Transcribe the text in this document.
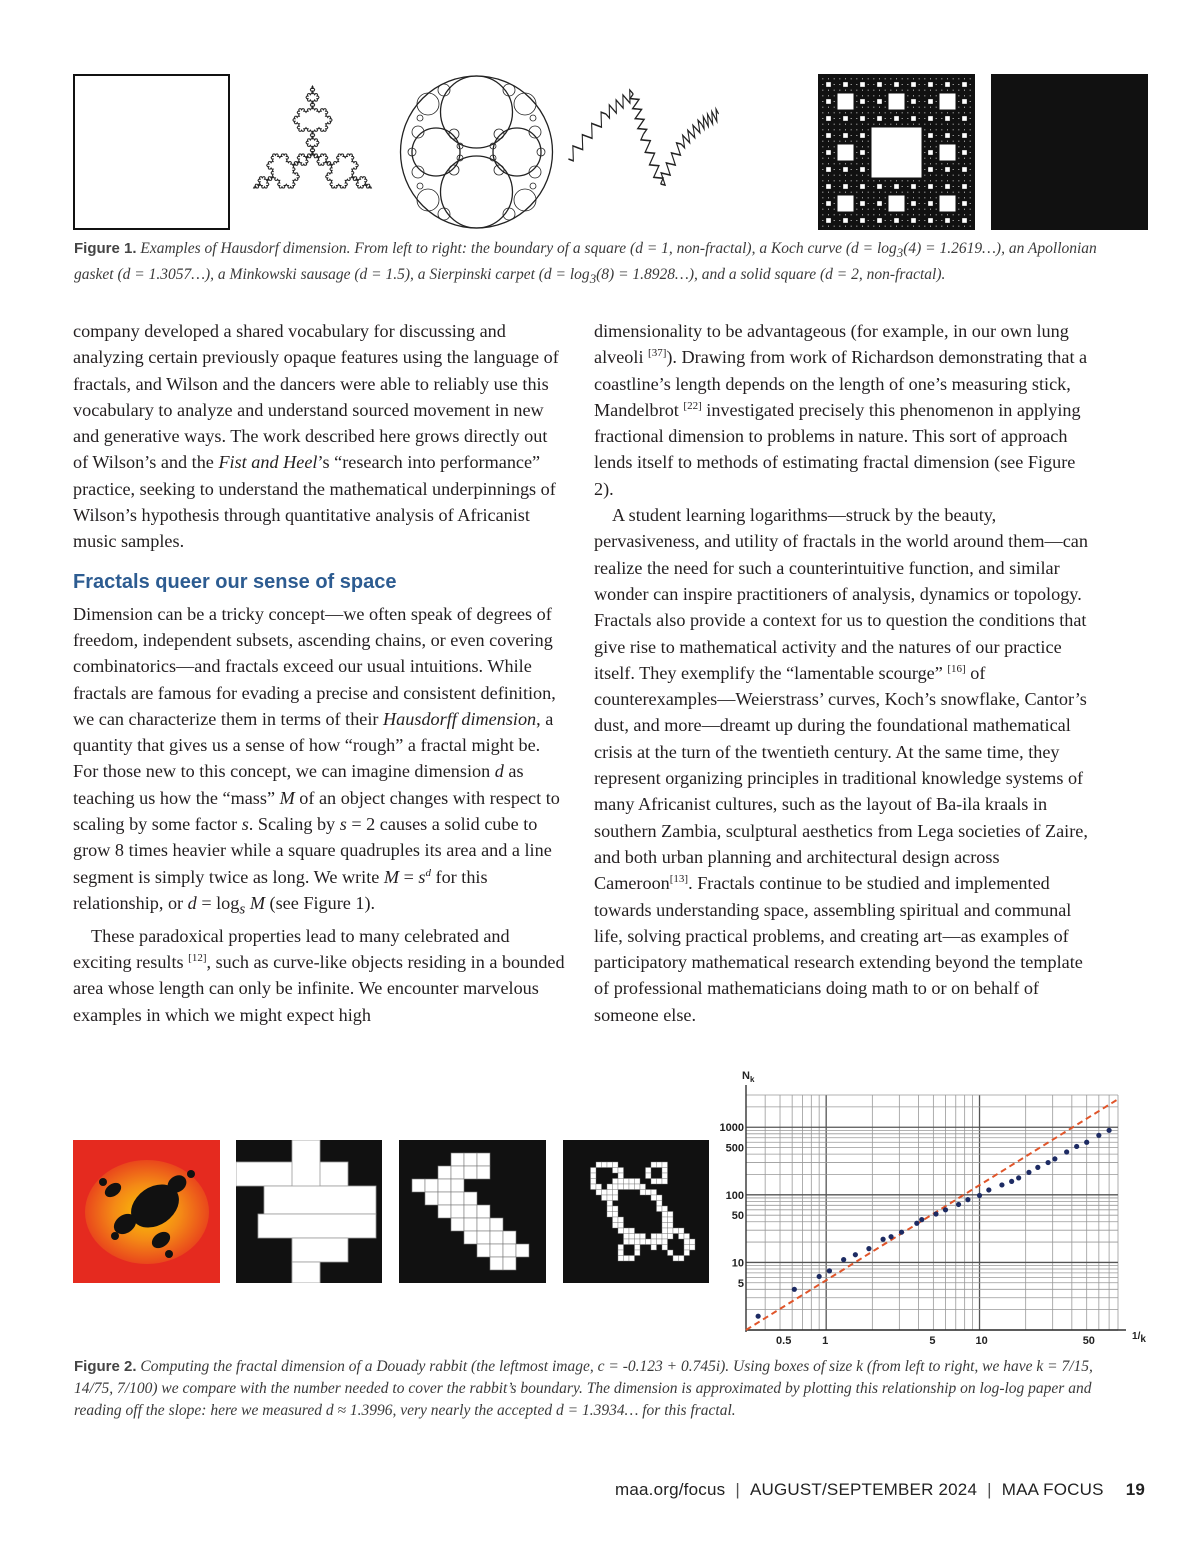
Figure 1. Examples of Hausdorf dimension. From left to right: the boundary of a square (d = 1, non-fractal), a Koch curve ($d = \log_3(4)$ = 1.2619…), an Apollonian gasket (d = 1.3057…), a Minkowski sausage (d = 1.5), a Sierpinski carpet ($d = \log_3(8)$ = 1.8928…), and a solid square (d = 2, non-fractal).

company developed a shared vocabulary for discussing and analyzing certain previously opaque features using the language of fractals, and Wilson and the dancers were able to reliably use this vocabulary to analyze and understand sourced movement in new and generative ways. The work described here grows directly out of Wilson’s and the Fist and Heel’s “research into performance” practice, seeking to understand the mathematical underpinnings of Wilson’s hypothesis through quantitative analysis of Africanist music samples.

Fractals queer our sense of space

Dimension can be a tricky concept—we often speak of degrees of freedom, independent subsets, ascending chains, or even covering combinatorics—and fractals exceed our usual intuitions. While fractals are famous for evading a precise and consistent definition, we can characterize them in terms of their Hausdorff dimension, a quantity that gives us a sense of how “rough” a fractal might be. For those new to this concept, we can imagine dimension d as teaching us how the “mass” M of an object changes with respect to scaling by some factor s. Scaling by s = 2 causes a solid cube to grow 8 times heavier while a square quadruples its area and a line segment is simply twice as long. We write $M = s^d$ for this relationship, or $d = \log_s M$ (see Figure 1).

These paradoxical properties lead to many celebrated and exciting results [12], such as curve-like objects residing in a bounded area whose length can only be infinite. We encounter marvelous examples in which we might expect high

dimensionality to be advantageous (for example, in our own lung alveoli [37]). Drawing from work of Richardson demonstrating that a coastline’s length depends on the length of one’s measuring stick, Mandelbrot [22] investigated precisely this phenomenon in applying fractional dimension to problems in nature. This sort of approach lends itself to methods of estimating fractal dimension (see Figure 2).

A student learning logarithms—struck by the beauty, pervasiveness, and utility of fractals in the world around them—can realize the need for such a counterintuitive function, and similar wonder can inspire practitioners of analysis, dynamics or topology. Fractals also provide a context for us to question the conditions that give rise to mathematical activity and the natures of our practice itself. They exemplify the “lamentable scourge” [16] of counterexamples—Weierstrass’ curves, Koch’s snowflake, Cantor’s dust, and more—dreamt up during the foundational mathematical crisis at the turn of the twentieth century. At the same time, they represent organizing principles in traditional knowledge systems of many Africanist cultures, such as the layout of Ba-ila kraals in southern Zambia, sculptural aesthetics from Lega societies of Zaire, and both urban planning and architectural design across Cameroon[13]. Fractals continue to be studied and implemented towards understanding space, assembling spiritual and communal life, solving practical problems, and creating art—as examples of participatory mathematical research extending beyond the template of professional mathematicians doing math to or on behalf of someone else.

0.5	1	5	10	50
1000
500
100
50
10
5
$N_k$
1/k
Figure 2. Computing the fractal dimension of a Douady rabbit (the leftmost image, c = -0.123 + 0.745i). Using boxes of size k (from left to right, we have k = 7/15, 14/75, 7/100) we compare with the number needed to cover the rabbit’s boundary. The dimension is approximated by plotting this relationship on log-log paper and reading off the slope: here we measured d ≈ 1.3996, very nearly the accepted d = 1.3934… for this fractal.
maa.org/focus | AUGUST/SEPTEMBER 2024 | MAA FOCUS 19
